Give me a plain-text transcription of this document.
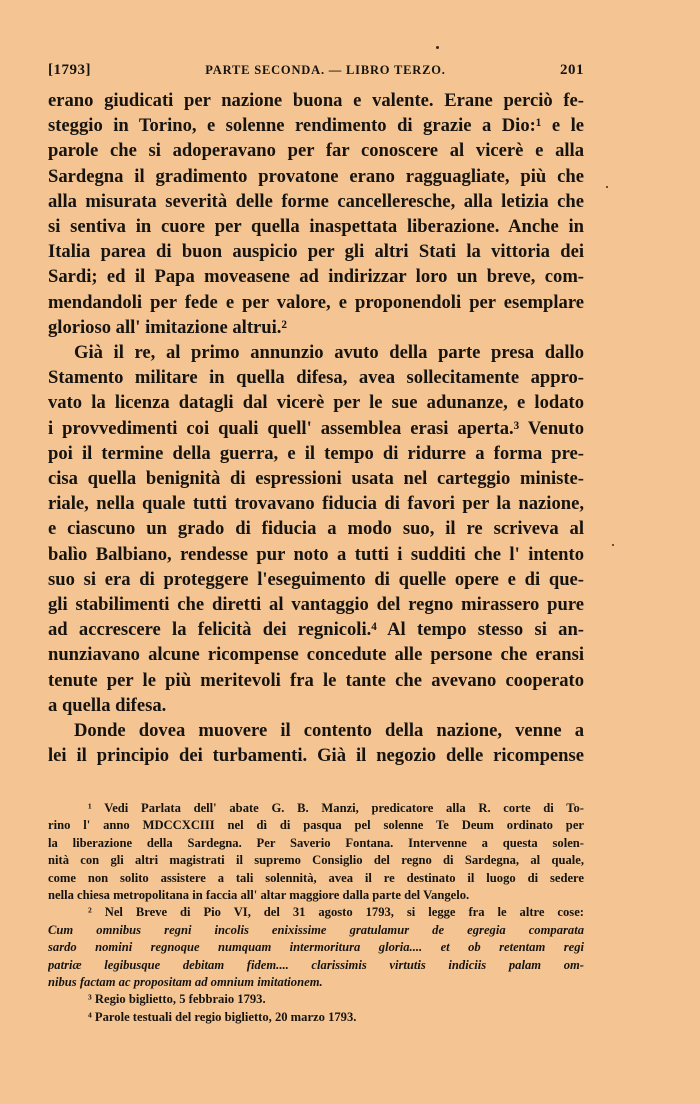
[1793]	PARTE SECONDA. — LIBRO TERZO.	201
erano giudicati per nazione buona e valente. Erane perciò fe-
steggio in Torino, e solenne rendimento di grazie a Dio:¹ e le
parole che si adoperavano per far conoscere al vicerè e alla
Sardegna il gradimento provatone erano ragguagliate, più che
alla misurata severità delle forme cancelleresche, alla letizia che
si sentiva in cuore per quella inaspettata liberazione. Anche in
Italia parea di buon auspicio per gli altri Stati la vittoria dei
Sardi; ed il Papa moveasene ad indirizzar loro un breve, com-
mendandoli per fede e per valore, e proponendoli per esemplare
glorioso all' imitazione altrui.²
Già il re, al primo annunzio avuto della parte presa dallo
Stamento militare in quella difesa, avea sollecitamente appro-
vato la licenza datagli dal vicerè per le sue adunanze, e lodato
i provvedimenti coi quali quell' assemblea erasi aperta.³ Venuto
poi il termine della guerra, e il tempo di ridurre a forma pre-
cisa quella benignità di espressioni usata nel carteggio ministe-
riale, nella quale tutti trovavano fiducia di favori per la nazione,
e ciascuno un grado di fiducia a modo suo, il re scriveva al
balìo Balbiano, rendesse pur noto a tutti i sudditi che l' intento
suo si era di proteggere l'eseguimento di quelle opere e di que-
gli stabilimenti che diretti al vantaggio del regno mirassero pure
ad accrescere la felicità dei regnicoli.⁴ Al tempo stesso si an-
nunziavano alcune ricompense concedute alle persone che eransi
tenute per le più meritevoli fra le tante che avevano cooperato
a quella difesa.
Donde dovea muovere il contento della nazione, venne a
lei il principio dei turbamenti. Già il negozio delle ricompense
¹ Vedi Parlata dell' abate G. B. Manzi, predicatore alla R. corte di To-
rino l' anno MDCCXCIII nel dì di pasqua pel solenne Te Deum ordinato per
la liberazione della Sardegna. Per Saverio Fontana. Intervenne a questa solen-
nità con gli altri magistrati il supremo Consiglio del regno di Sardegna, al quale,
come non solito assistere a tali solennità, avea il re destinato il luogo di sedere
nella chiesa metropolitana in faccia all' altar maggiore dalla parte del Vangelo.
² Nel Breve di Pio VI, del 31 agosto 1793, si legge fra le altre cose:
Cum omnibus regni incolis enixissime gratulamur de egregia comparata
sardo nomini regnoque numquam intermoritura gloria.... et ob retentam regi
patriæ legibusque debitam fidem.... clarissimis virtutis indiciis palam om-
nibus factam ac propositam ad omnium imitationem.
³ Regio biglietto, 5 febbraio 1793.
⁴ Parole testuali del regio biglietto, 20 marzo 1793.
